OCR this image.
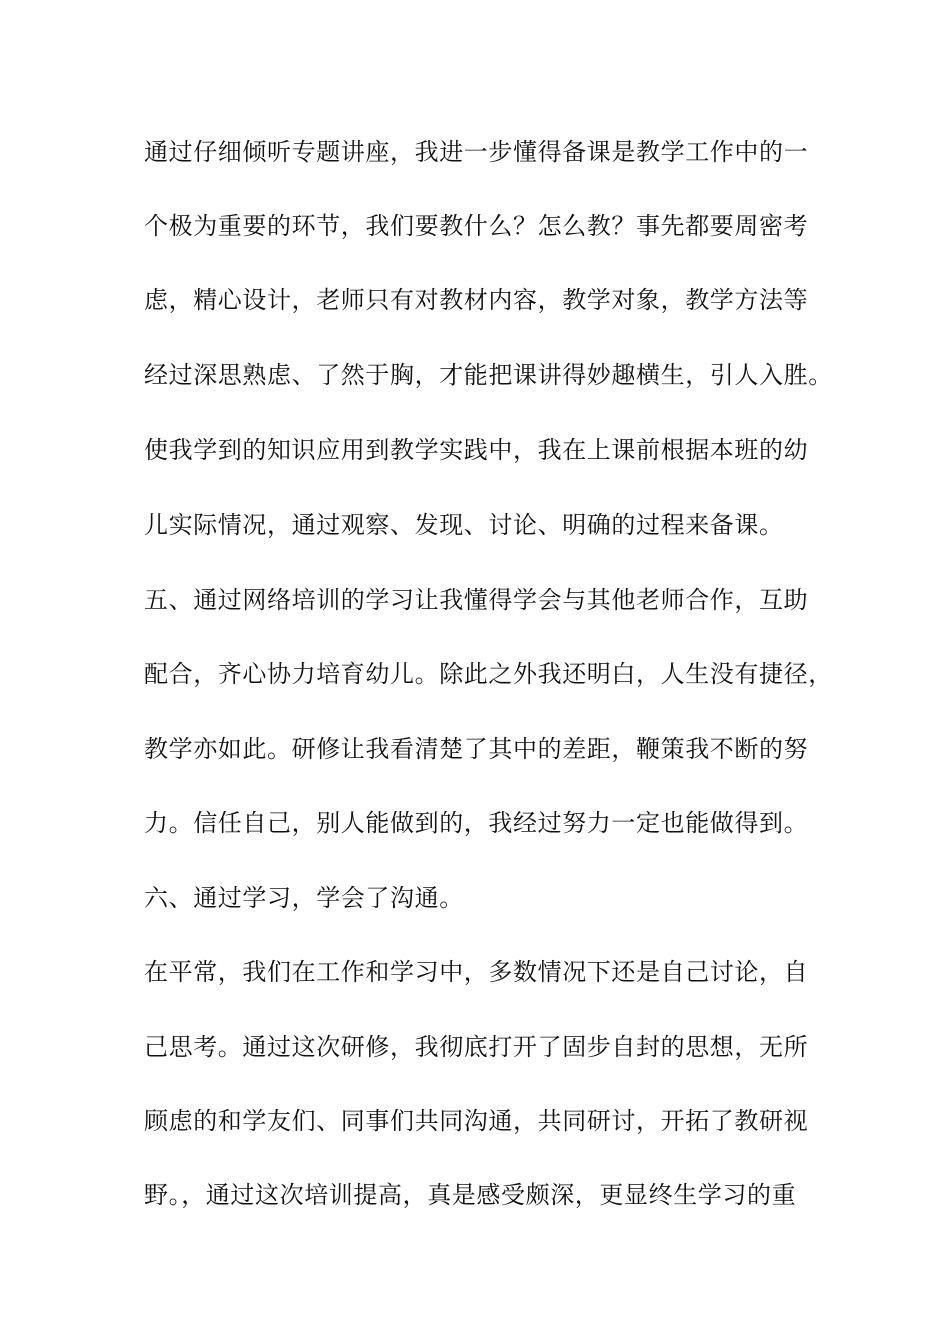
通过仔细倾听专题讲座，我进一步懂得备课是教学工作中的一
个极为重要的环节，我们要教什么？怎么教？事先都要周密考
虑，精心设计，老师只有对教材内容，教学对象，教学方法等
经过深思熟虑、了然于胸，才能把课讲得妙趣横生，引人入胜。
使我学到的知识应用到教学实践中，我在上课前根据本班的幼
儿实际情况，通过观察、发现、讨论、明确的过程来备课。
五、通过网络培训的学习让我懂得学会与其他老师合作，互助
配合，齐心协力培育幼儿。除此之外我还明白，人生没有捷径，
教学亦如此。研修让我看清楚了其中的差距，鞭策我不断的努
力。信任自己，别人能做到的，我经过努力一定也能做得到。
六、通过学习，学会了沟通。
在平常，我们在工作和学习中，多数情况下还是自己讨论，自
己思考。通过这次研修，我彻底打开了固步自封的思想，无所
顾虑的和学友们、同事们共同沟通，共同研讨，开拓了教研视
野。，通过这次培训提高，真是感受颇深，更显终生学习的重
